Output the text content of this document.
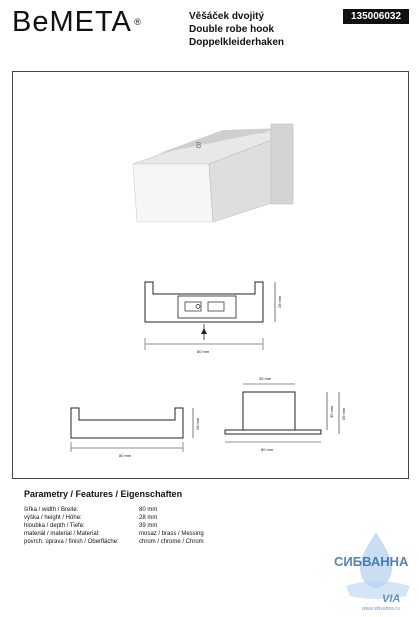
BeMETA ®	Věšáček dvojitý
Double robe hook
Doppelkleiderhaken
135006032
B
80 mm
28 mm
80 mm
28 mm
35 mm
80 mm
35 mm 39 mm
Parametry / Features / Eigenschaften
šířka / width / Breite:	80 mm
výška / height / Höhe:	28 mm
hloubka / depth / Tiefe:	39 mm
materiál / material / Material:	mosaz / brass / Messing
povrch. úprava / finish / Oberfläche:	chrom / chrome / Chrom
СИБВАННА
VIA
www.sibvanna.ru
